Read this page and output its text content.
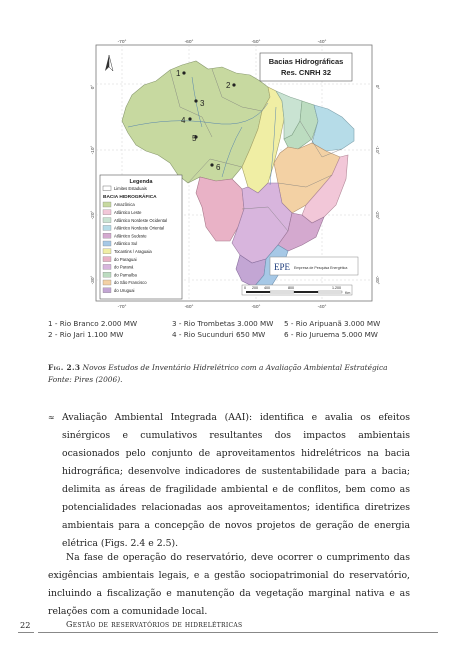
Bacias Hidrográficas
Res. CNRH 32
1
2
3
4
5
6
Legenda
Limites Estaduais
BACIA HIDROGRÁFICA
Amazônica
Atlântico Leste
Atlântico Nordeste Ocidental
Atlântico Nordeste Oriental
Atlântico Sudeste
Atlântico Sul
Tocantins / Araguaia
do Paraguai
do Paraná
do Parnaíba
do São Francisco
do Uruguai
EPE Empresa de Pesquisa Energética
0 200 400	800	1.200
Km
-70°	-60°	-50°	-40°
-70°	-60°	-50°	-40°
0°
-10°
-20°
-30°
0°
-10°
-20°
-30°
1 - Rio Branco 2.000 MW	3 - Rio Trombetas 3.000 MW	5 - Rio Aripuanã 3.000 MW
2 - Rio Jari 1.100 MW	4 - Rio Sucunduri 650 MW	6 - Rio Juruema 5.000 MW
Fig. 2.3 Novos Estudos de Inventário Hidrelétrico com a Avaliação Ambiental Estratégica
Fonte: Pires (2006).
≈ Avaliação Ambiental Integrada (AAI): identifica e avalia os efeitos sinérgicos e cumulativos resultantes dos impactos ambientais ocasionados pelo conjunto de aproveitamentos hidrelétricos na bacia hidrográfica; desenvolve indicadores de sustentabilidade para a bacia; delimita as áreas de fragilidade ambiental e de conflitos, bem como as potencialidades relacionadas aos aproveitamentos; identifica diretrizes ambientais para a concepção de novos projetos de geração de energia elétrica (Figs. 2.4 e 2.5).
Na fase de operação do reservatório, deve ocorrer o cumprimento das exigências ambientais legais, e a gestão sociopatrimonial do reservatório, incluindo a fiscalização e manutenção da vegetação marginal nativa e as relações com a comunidade local.
22	Gestão de reservatórios de hidrelétricas
